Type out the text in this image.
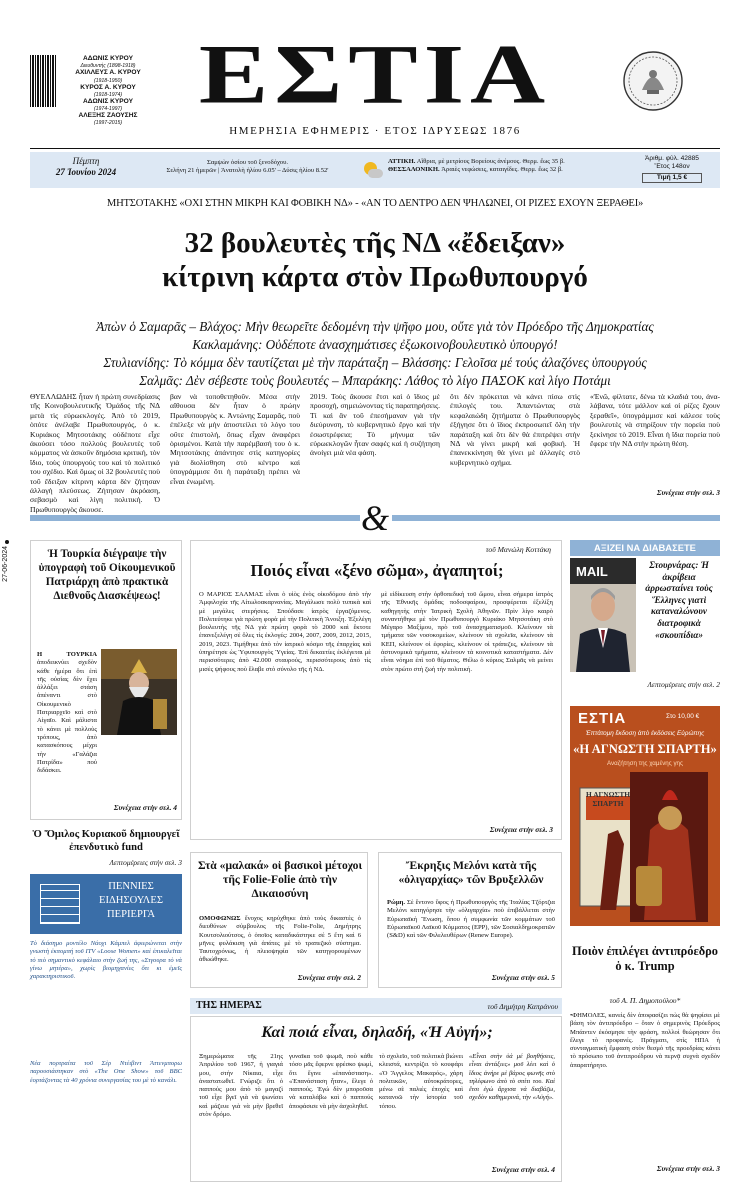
ΑΔΩΝΙΣ ΚΥΡΟΥ
Διευθυντής (1898-1918)
ΑΧΙΛΛΕΥΣ Α. ΚΥΡΟΥ
(1918-1950)
ΚΥΡΟΣ Α. ΚΥΡΟΥ
(1918-1974)
ΑΔΩΝΙΣ ΚΥΡΟΥ
(1974-1997)
ΑΛΕΞΗΣ ΖΑΟΥΣΗΣ
(1997-2015)
ΕΣΤΙΑ
ΗΜΕΡΗΣΙΑ ΕΦΗΜΕΡΙΣ · ΕΤΟΣ ΙΔΡΥΣΕΩΣ 1876
Πέμπτη
27 Ἰουνίου 2024
Σαμψὼν ὁσίου τοῦ ξενοδόχου.
Σελήνη 21 ἡμερῶν | Ἀνατολὴ ἡλίου 6.05' – Δύσις ἡλίου 8.52'
ΑΤΤΙΚΗ. Αἴθρια, μὲ μετρίους Βορείους ἀνέμους. Θερμ. ἕως 35 β.
ΘΕΣΣΑΛΟΝΙΚΗ. Ἀραιὲς νεφώσεις, καταιγίδες. Θερμ. ἕως 32 β.
Ἀριθμ. φύλ. 42885
Ἔτος 148ον
Τιμή 1,5 €
ΜΗΤΣΟΤΑΚΗΣ «ΟΧΙ ΣΤΗΝ ΜΙΚΡΗ ΚΑΙ ΦΟΒΙΚΗ ΝΔ» - «ΑΝ ΤΟ ΔΕΝΤΡΟ ΔΕΝ ΨΗΛΩΝΕΙ, ΟΙ ΡΙΖΕΣ ΕΧΟΥΝ ΞΕΡΑΘΕΙ»
32 βουλευτὲς τῆς ΝΔ «ἔδειξαν»
κίτρινη κάρτα στὸν Πρωθυπουργό
Ἀπὼν ὁ Σαμαρᾶς – Βλάχος: Μὴν θεωρεῖτε δεδομένη τὴν ψῆφο μου, οὔτε γιὰ τὸν Πρόεδρο τῆς Δημοκρατίας
Κακλαμάνης: Οὐδέποτε ἀνασχημάτισες ἐξωκοινοβουλευτικὸ ὑπουργό!
Στυλιανίδης: Τὸ κόμμα δὲν ταυτίζεται μὲ τὴν παράταξη – Βλάσσης: Γελοῖσα μέ τούς ἀλαζόνες ὑπουργούς
Σαλμᾶς: Δὲν σέβεστε τοὺς βουλευτές – Μπαράκης: Λάθος τὸ λίγο ΠΑΣΟΚ καὶ λίγο Ποτάμι
ΘΥΕΛΛΩΔΗΣ ἦταν ἡ πρώτη συνεδρίασις τῆς Κοινοβουλευτικῆς Ὁμάδος τῆς ΝΔ μετὰ τὶς εὐρωεκλογές. Ἀπὸ τὸ 2019, ὁπότε ἀνέλαβε Πρωθυπουργός, ὁ κ. Κυριάκος Μητσοτάκης οὐδέποτε εἶχε ἀκούσει τόσο πολλοὺς βουλευτὲς τοῦ κόμματος νὰ ἀσκοῦν δημόσια κριτική, τὸν ἴδιο, τοὺς ὑπουργούς του καὶ τὸ πολιτικό του σχέδιο. Καὶ ὅμως οἱ 32 βουλευτὲς ποὺ τοῦ ἔδειξαν κίτρινη κάρτα δὲν ζήτησαν ἀλλαγὴ πλεύσεως. Ζήτησαν ἀκρόαση, σεβασμὸ καὶ λίγη πολιτικὴ. Ὁ Πρωθυπουργὸς ἄκουσε.
βαν νὰ τοποθετηθοῦν. Μέσα στὴν αἴθουσα δὲν ἦταν ὁ πρώην Πρωθυπουργὸς κ. Ἀντώνης Σαμαρᾶς, ποὺ ἐπέλεξε νὰ μὴν ἀποστείλει τὸ λόγο του οὔτε ἐπιστολή, ὅπως εἶχαν ἀναφέρει ὁρισμένοι. Κατὰ τὴν παρέμβασή του ὁ κ. Μητσοτάκης ἀπάντησε στὶς κατηγορίες γιὰ διολίσθηση στὸ κέντρο καὶ ὑπογράμμισε ὅτι ἡ παράταξη πρέπει νὰ εἶναι ἑνωμένη.
2019. Τοὺς ἄκουσε ἔτσι καὶ ὁ ἴδιος μὲ προσοχή, σημειώνοντας τὶς παρατηρήσεις. Τί καὶ ἂν τοῦ ἐπεσήμαναν γιὰ τὴν διεύρυνση, τὸ κυβερνητικὸ ἔργο καὶ τὴν ἐσωστρέφεια; Τὸ μήνυμα τῶν εὐρωεκλογῶν ἦταν σαφές καὶ ἡ συζήτηση ἀνοίγει μιὰ νέα φάση.
ὅτι δὲν πρόκειται νὰ κάνει πίσω στὶς ἐπιλογές του. Ἀπαντώντας στὰ κεφαλαιώδη ζητήματα ὁ Πρωθυπουργὸς ἐξήγησε ὅτι ὁ ἴδιος ἐκπροσωπεῖ ὅλη τὴν παράταξη καὶ ὅτι δὲν θὰ ἐπιτρέψει στὴν ΝΔ νὰ γίνει μικρὴ καὶ φοβική. Ἡ ἐπανεκκίνηση θὰ γίνει μὲ ἀλλαγὲς στὸ κυβερνητικὸ σχήμα.
«Ἐνῶ, φίλτατε, δένω τὰ κλαδιά του, ἀνα-λάβανα, τότε μάλλον καὶ οἱ ρίζες ἔχουν ξεραθεῖ», ὑπογράμμισε καὶ κάλεσε τοὺς βουλευτὲς νὰ στηρίξουν τὴν πορεία ποὺ ξεκίνησε τὸ 2019. Εἶναι ἡ ἴδια πορεία ποὺ ἔφερε τὴν ΝΔ στὴν πρώτη θέση.
Συνέχεια στὴν σελ. 3
&
27-06-2024	Ἡ Τουρκία διέγραψε τὴν ὑπογραφὴ τοῦ Οἰκουμενικοῦ Πατριάρχη ἀπὸ πρακτικὰ Διεθνοῦς Διασκέψεως!
Η ΤΟΥΡΚΙΑ ἀποδεικνύει σχεδὸν κάθε ἡμέρα ὅτι ἐπὶ τῆς οὐσίας δὲν ἔχει ἀλλάξει στάση ἀπέναντι στὸ Οἰκουμενικὸ Πατριαρχεῖο καὶ στὸ Αἰγαῖο. Καὶ μάλιστα τὸ κάνει μὲ πολλοὺς τρόπους, ἀπὸ κατασκόπους μέχρι τὴν «Γαλάζια Πατρίδα» πού διδάσκει.
Συνέχεια στὴν σελ. 4
Ὁ Ὅμιλος Κυριακοῦ δημιουργεῖ ἐπενδυτικὸ fund
Λεπτομέρειες στὴν σελ. 3
ΠΕΝΝΙΕΣ ΕΙΔΗΣΟΥΛΕΣ ΠΕΡΙΕΡΓΑ
Τὸ διάσημο μοντέλο Νάοχι Κάμπελ ἀφιερώνεται στὴν γνωστὴ ἐκπομπή τοῦ ITV «Loose Women» καὶ ἐπικαλεῖται τὸ πιὸ σημαντικὸ κεφάλαιο στὴν ζωή της, «Στγουρα τὸ νὰ γίνω μητέρα», χωρὶς βιομηχανίες ὅτι κι ἐμεῖς χαρακτηριστικοῦ.
Νέα πορτραίτα τοῦ Σὲρ Ντέιβιντ Άττενμπορω παρουσιάστηκαν στὸ «The One Show» τοῦ BBC ἑορτάζοντας τὰ 40 χρόνια συνεργασίας του μὲ τὸ κανάλι.
τοῦ Μανώλη Κοττάκη
Ποιός εἶναι «ξένο σῶμα», ἀγαπητοί;
Ο ΜΑΡΙΟΣ ΣΑΛΜΑΣ εἶναι ὁ υἱὸς ἐνὸς οἰκοδόμου ἀπὸ τὴν Ἀμφιλοχία τῆς Αἰτωλοακαρνανίας. Μεγάλωσε πολὺ τυπικὰ καὶ μὲ μεγάλες στερήσεις. Σπούδασε ἰατρὸς ἐργαζόμενος. Πολιτεύτηκε γιὰ πρώτη φορὰ μὲ τὴν Πολιτικὴ Ἄνοιξη. Ἐξελέγη βουλευτὴς τῆς ΝΔ γιὰ πρώτη φορὰ τὸ 2000 καὶ ἔκτοτε ἐπανεξελέγη σὲ ὅλες τὶς ἐκλογές: 2004, 2007, 2009, 2012, 2015, 2019, 2023. Τιμήθηκε ἀπὸ τὸν ἰατρικὸ κόσμο τῆς ἐπαρχίας καὶ ὑπηρέτησε ὡς Ὑφυπουργὸς Ὑγείας. Ἐπὶ δεκαετίες ἐκλέγεται μὲ περισσότερες ἀπὸ 42.000 σταυρούς, περισσότερους ἀπὸ τὶς μισὲς ψήφους ποὺ ἔλαβε στὸ σύνολο τῆς ἡ ΝΔ.
μὲ εἰδίκευση στὴν ὀρθοπεδικὴ τοῦ ὤμου, εἶναι σήμερα ἰατρὸς τῆς Ἐθνικῆς ὁμάδας ποδοσφαίρου, προσφέρεται ἐξελίξη καθηγητὴς στὴν Ἰατρικὴ Σχολὴ Ἀθηνῶν. Πρὶν λίγο καιρὸ συναντήθηκε μὲ τὸν Πρωθυπουργὸ Κυριάκο Μητσοτάκη στὸ Μέγαρο Μαξίμου, πρὸ τοῦ ἀνασχηματισμοῦ. Κλείνουν τὰ τμήματα τῶν νοσοκομείων, κλείνουν τὰ σχολεῖα, κλείνουν τὰ ΚΕΠ, κλείνουν οἱ ἐφορίες, κλείνουν οἱ τράπεζες, κλείνουν τὰ ἀστυνομικὰ τμήματα, κλείνουν τὰ κοινοτικὰ καταστήματα. Δὲν εἶναι νόημα ἐπὶ τοῦ θέματος. Θέλω ὁ κύριος Σαλμᾶς νὰ μείνει στὸν πρώτο στὴ ζωὴ τὴν πολιτική.
Συνέχεια στὴν σελ. 3
Στὰ «μαλακά» οἱ βασικοὶ μέτοχοι τῆς Folie-Folie ἀπὸ τὴν Δικαιοσύνη
ΟΜΟΦΩΝΩΣ ἔνοχος κηρύχθηκε ἀπὸ τοὺς δικαστὲς ὁ διευθύνων σύμβουλος τῆς Folie-Folie, Δημήτρης Κουτσολιούτσος, ὁ ὁποῖος καταδικάστηκε σὲ 5 ἔτη καὶ 6 μῆνες φυλάκιση γιὰ ἀπάτες μὲ τὸ τραπεζικὸ σύστημα. Ταυτοχρόνως, ἡ πλειοψηφία τῶν κατηγορουμένων ἀθωώθηκε.
Συνέχεια στὴν σελ. 2
Ἔκρηξις Μελόνι κατὰ τῆς «ὀλιγαρχίας» τῶν Βρυξελλῶν
Ρώμη. Σὲ ἔντονο ὕφος ἡ Πρωθυπουργὸς τῆς Ἰταλίας Τζόρτζια Μελόνι κατηγόρησε τὴν «ὀλιγαρχία» ποὺ ἐπιβάλλεται στὴν Εὐρωπαϊκὴ Ἕνωση, ὅπου ἡ συμφωνία τῶν κομμάτων τοῦ Εὐρωπαϊκοῦ Λαϊκοῦ Κόμματος (EPP), τῶν Σοσιαλδημοκρατῶν (S&D) καὶ τῶν Φιλελευθέρων (Renew Europe).
Συνέχεια στὴν σελ. 5
ΤΗΣ ΗΜΕΡΑΣ	τοῦ Δημήτρη Καπράνου
Καὶ ποιά εἶναι, δηλαδή, «Ἡ Αὐγή»;
Ξημερώματα τῆς 21ης Ἀπριλίου τοῦ 1967, ἡ γιαγιά μου, στὴν Νίκαια, εἶχε ἀναστατωθεῖ. Γνώριζε ὅτι ὁ παππούς μου ἀπὸ τὸ μαγαζὶ τοῦ εἶχε βγεῖ γιὰ νὰ ψωνίσει καὶ μάζευε γιὰ νὰ μὴν βρεθεῖ στὸν δρόμο.
γυναῖκα τοῦ ψωμᾶ, ποὺ κάθε τόσο μᾶς ἔφερνε φρέσκο ψωμὶ, ὅτι ἔγινε «ἐπανάσταση». «Ἐπανάσταση ἦταν», ἔλεγε ὁ παππούς. Ἐγώ δὲν μποροῦσα νὰ καταλάβω καὶ ὁ παππούς ἀποφάσισε νὰ μὴν ἀσχοληθεῖ.
τὸ σχολεῖο, τοῦ πολιτικὰ βιώνει κλειστά, κεντρίζει τὸ κουφάρι «Ὁ Ἄγγελος Μακαρός», χάρη πολιτικῶν, αὐτοκράτορες, μένω σὲ παλιὲς ἐποχὲς καὶ κατανοῶ τὴν ἱστορία τοῦ τόπου.
«Εἶναι στὴν ὑά μέ βοηθήσεις, εἶναι ἀντάξιες» μοῦ λέει καὶ ὁ ἴδιος ἀνήρε μὲ βάρος φωνῆς στὸ τηλέφωνο ἀπὸ τὸ σπίτι του. Καὶ ἔτσι ἐγὼ ἄρχισα νὰ διαβάζω, σχεδὸν καθημερινά, τὴν «Αὐγή».
Συνέχεια στὴν σελ. 4
ΑΞΙΖΕΙ ΝΑ ΔΙΑΒΑΣΕΤΕ
MAIL	Στουρνάρας: Ἡ ἀκρίβεια ἀρρωσταίνει τοὺς Ἕλληνες γιατὶ καταναλώνουν διατροφικὰ «σκουπίδια»
Λεπτομέρειες στὴν σελ. 2
ΕΣΤΙΑ	Στο 10,00 €
Ἑπτάτομη ἔκδοση ἀπὸ ἐκδόσεις Εὐρώπης
«Η ΑΓΝΩΣΤΗ ΣΠΑΡΤΗ»
Αναζήτηση της χαμένης γης
Η ΑΓΝΩΣΤΗ ΣΠΑΡΤΗ
Ποιὸν ἐπιλέγει ἀντιπρόεδρο ὁ κ. Trump
τοῦ Α. Π. Δημοπούλου*
•ΦΗΜΟΛΕΣ, κανεὶς δὲν ἀποφασίζει πὼς θὰ ψηφίσει μὲ βάση τὸν ἀντιπρόεδρο – ὅταν ὁ σημερινὸς Πρόεδρος Μπάιντεν ἐκόσμησε τὴν φράση, πολλοὶ θεώρησαν ὅτι ἔλεγε τὸ προφανές. Πράγματι, στὶς ΗΠΑ ἡ συνταγματικὴ ἔμφαση στὸν θεσμὸ τῆς προεδρίας κάνει τὸ πρόσωπο τοῦ ἀντιπροέδρου νὰ περνᾷ συχνὰ σχεδὸν ἀπαρατήρητο.
Συνέχεια στὴν σελ. 3
